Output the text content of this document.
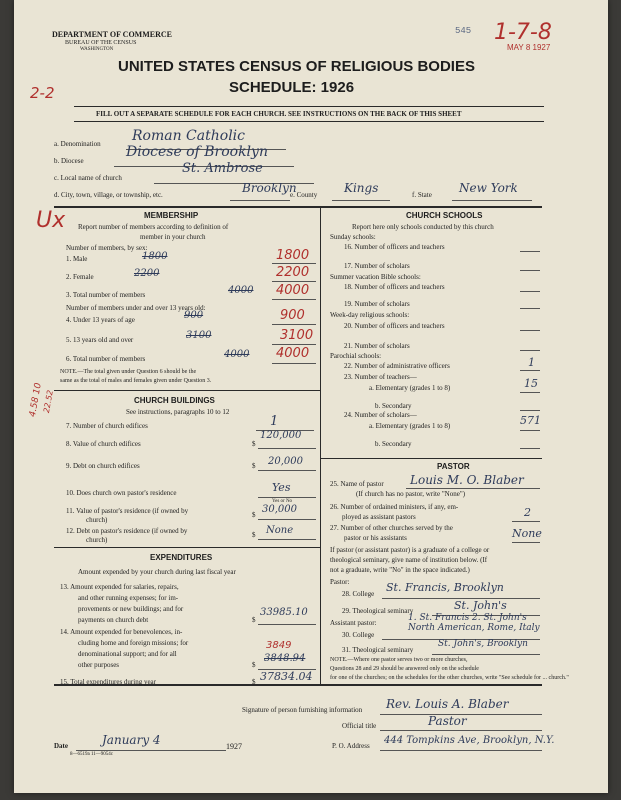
DEPARTMENT OF COMMERCE
BUREAU OF THE CENSUS
WASHINGTON
545 1-7-8
MAY 8 1927
UNITED STATES CENSUS OF RELIGIOUS BODIES
SCHEDULE: 1926
2-2
FILL OUT A SEPARATE SCHEDULE FOR EACH CHURCH. SEE INSTRUCTIONS ON THE BACK OF THIS SHEET
a. Denomination Roman Catholic
b. Diocese
Diocese of Brooklyn
c. Local name of church
St. Ambrose
d. City, town, village, or township, etc.	Brooklyn
e. County Kings	f. State New York
MEMBERSHIP
Report number of members according to definition of
member in your church
Ux
Number of members, by sex:
1. Male	1800	1800
2. Female	2200	2200
3. Total number of members	4000 4000
Number of members under and over 13 years old:
4. Under 13 years of age	900	900
5. 13 years old and over	3100	3100
6. Total number of members	4000 4000
NOTE.—The total given under Question 6 should be the
same as the total of males and females given under Question 3.
CHURCH BUILDINGS
See instructions, paragraphs 10 to 12
4.58 10
22.52
7. Number of church edifices	1
8. Value of church edifices	$
120,000
9. Debt on church edifices	$ 20,000
10. Does church own pastor's residence	Yes
Yes or No
11. Value of pastor's residence (if owned by
church)
$ 30,000
12. Debt on pastor's residence (if owned by
church)
$ None
EXPENDITURES
Amount expended by your church during last fiscal year
13. Amount expended for salaries, repairs,
and other running expenses; for im-
provements or new buildings; and for
payments on church debt	$
33985.10
14. Amount expended for benevolences, in-
cluding home and foreign missions; for
denominational support; and for all
other purposes
3849
$
3848.94
15. Total expenditures during year	$ 37834.04
CHURCH SCHOOLS
Report here only schools conducted by this church
Sunday schools:
16. Number of officers and teachers
17. Number of scholars
Summer vacation Bible schools:
18. Number of officers and teachers
19. Number of scholars
Week-day religious schools:
20. Number of officers and teachers
21. Number of scholars
Parochial schools:
22. Number of administrative officers	1
23. Number of teachers—
a. Elementary (grades 1 to 8)	15
b. Secondary
24. Number of scholars—
a. Elementary (grades 1 to 8)	571
b. Secondary
PASTOR
25. Name of pastor Louis M. O. Blaber
(If church has no pastor, write "None")
26. Number of ordained ministers, if any, em-
ployed as assistant pastors	2
27. Number of other churches served by the
pastor or his assistants	None
If pastor (or assistant pastor) is a graduate of a college or
theological seminary, give name of institution below. (If
not a graduate, write "No" in the space indicated.)
Pastor:
28. College St. Francis, Brooklyn
29. Theological seminary	St. John's
Assistant pastor:	1. St. Francis 2. St. John's
30. College
North American, Rome, Italy
31. Theological seminary
St. John's, Brooklyn
NOTE.—Where one pastor serves two or more churches,
Questions 28 and 29 should be answered only on the schedule
for one of the churches; on the schedules for the other churches, write "See schedule for ... church."
Signature of person furnishing information Rev. Louis A. Blaber
Official title	Pastor
Date	January 4	1927	P. O. Address 444 Tompkins Ave, Brooklyn, N.Y.
8—6519a 11—9054c
